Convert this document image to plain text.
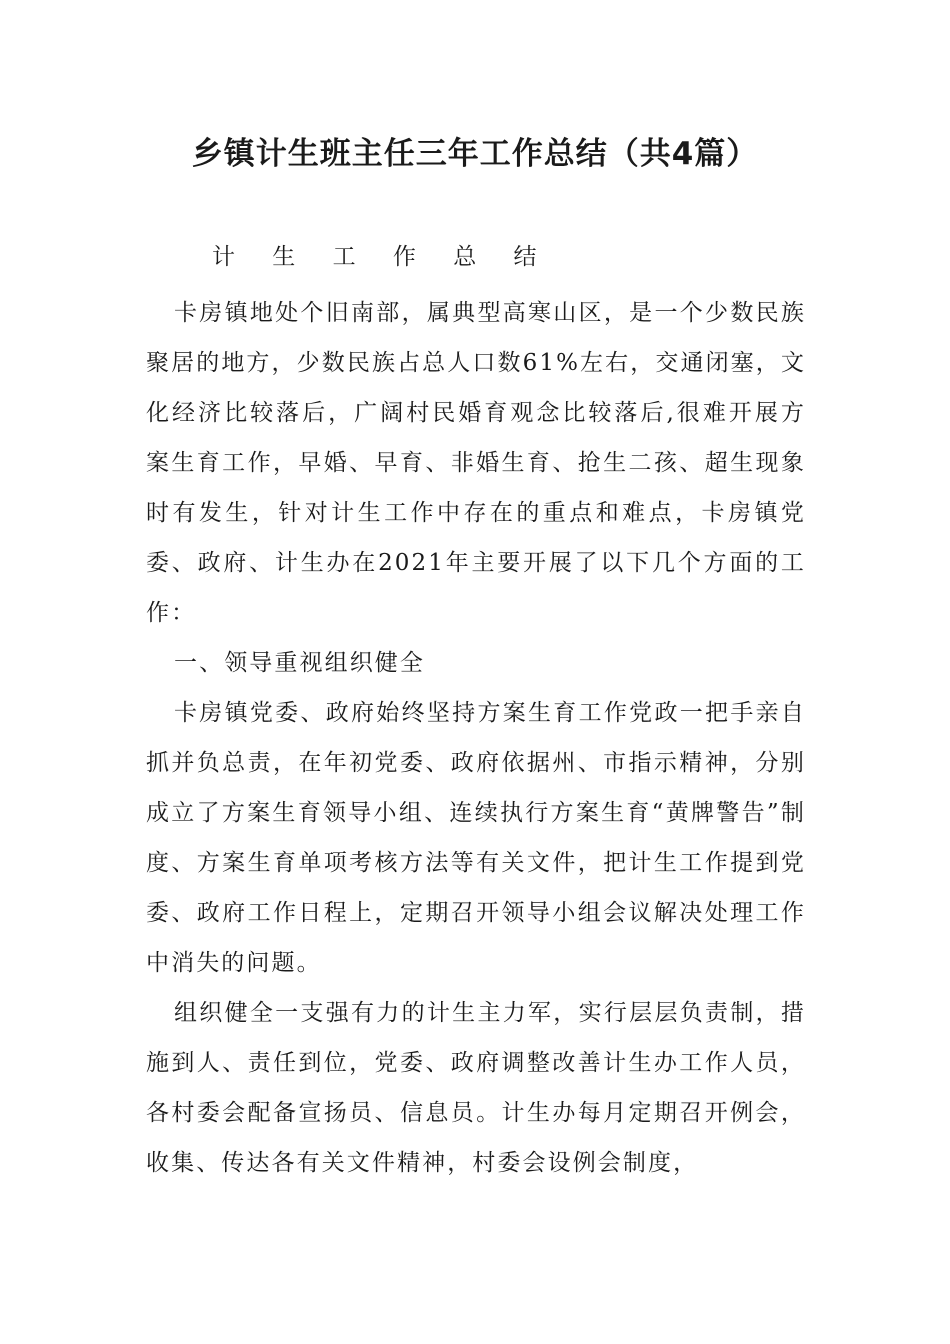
乡镇计生班主任三年工作总结（共4篇）

计 生 工 作 总 结

卡房镇地处个旧南部，属典型高寒山区，是一个少数民族聚居的地方，少数民族占总人口数61%左右，交通闭塞，文化经济比较落后，广阔村民婚育观念比较落后,很难开展方案生育工作，早婚、早育、非婚生育、抢生二孩、超生现象时有发生，针对计生工作中存在的重点和难点，卡房镇党委、政府、计生办在2021年主要开展了以下几个方面的工作：

一、领导重视组织健全

卡房镇党委、政府始终坚持方案生育工作党政一把手亲自抓并负总责，在年初党委、政府依据州、市指示精神，分别成立了方案生育领导小组、连续执行方案生育“黄牌警告”制度、方案生育单项考核方法等有关文件，把计生工作提到党委、政府工作日程上，定期召开领导小组会议解决处理工作中消失的问题。

组织健全一支强有力的计生主力军，实行层层负责制，措施到人、责任到位，党委、政府调整改善计生办工作人员，各村委会配备宣扬员、信息员。计生办每月定期召开例会，收集、传达各有关文件精神，村委会设例会制度，
